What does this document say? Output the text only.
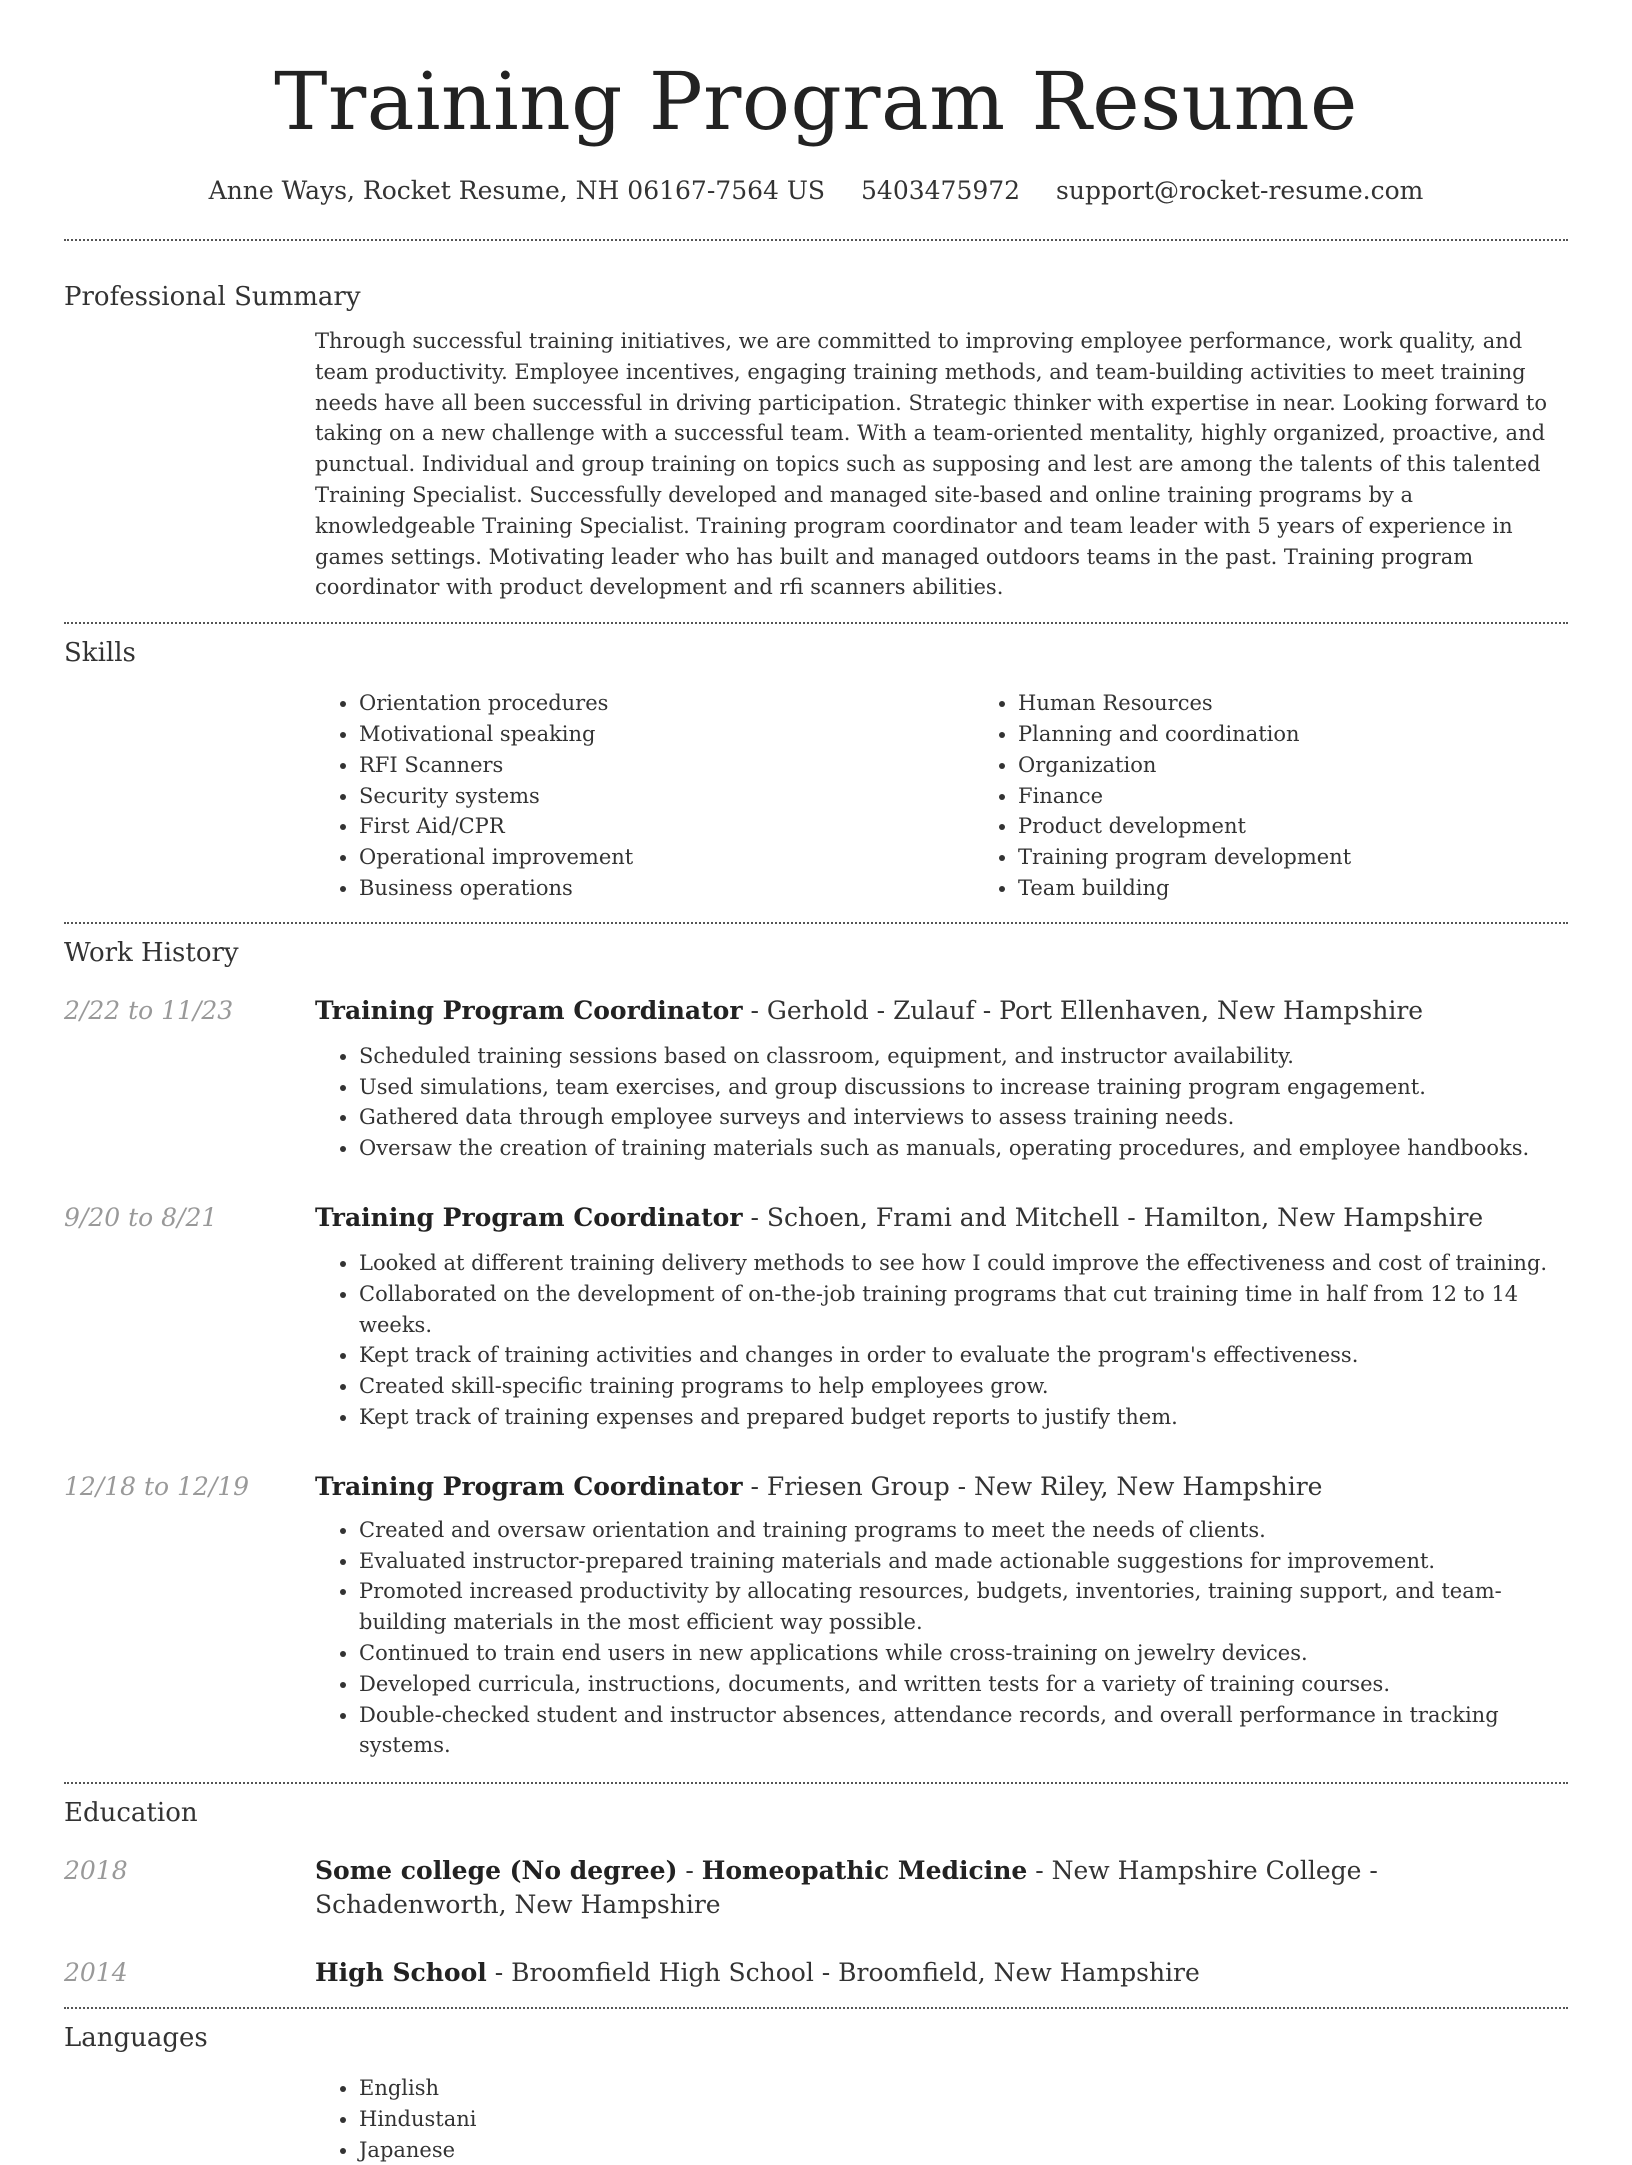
Training Program Resume
Anne Ways, Rocket Resume, NH 06167-7564 US 5403475972 support@rocket-resume.com
Professional Summary

Through successful training initiatives, we are committed to improving employee performance, work quality, and team productivity. Employee incentives, engaging training methods, and team-building activities to meet training needs have all been successful in driving participation. Strategic thinker with expertise in near. Looking forward to taking on a new challenge with a successful team. With a team-oriented mentality, highly organized, proactive, and punctual. Individual and group training on topics such as supposing and lest are among the talents of this talented Training Specialist. Successfully developed and managed site-based and online training programs by a knowledgeable Training Specialist. Training program coordinator and team leader with 5 years of experience in games settings. Motivating leader who has built and managed outdoors teams in the past. Training program coordinator with product development and rfi scanners abilities.

Skills
• Orientation procedures
• Motivational speaking
• RFI Scanners
• Security systems
• First Aid/CPR
• Operational improvement
• Business operations
• Human Resources
• Planning and coordination
• Organization
• Finance
• Product development
• Training program development
• Team building
Work History
2/22 to 11/23	Training Program Coordinator - Gerhold - Zulauf - Port Ellenhaven, New Hampshire
• Scheduled training sessions based on classroom, equipment, and instructor availability.
• Used simulations, team exercises, and group discussions to increase training program engagement.
• Gathered data through employee surveys and interviews to assess training needs.
• Oversaw the creation of training materials such as manuals, operating procedures, and employee handbooks.
9/20 to 8/21	Training Program Coordinator - Schoen, Frami and Mitchell - Hamilton, New Hampshire
• Looked at different training delivery methods to see how I could improve the effectiveness and cost of training.
• Collaborated on the development of on-the-job training programs that cut training time in half from 12 to 14 weeks.
• Kept track of training activities and changes in order to evaluate the program's effectiveness.
• Created skill-specific training programs to help employees grow.
• Kept track of training expenses and prepared budget reports to justify them.
12/18 to 12/19	Training Program Coordinator - Friesen Group - New Riley, New Hampshire
• Created and oversaw orientation and training programs to meet the needs of clients.
• Evaluated instructor-prepared training materials and made actionable suggestions for improvement.
• Promoted increased productivity by allocating resources, budgets, inventories, training support, and team-building materials in the most efficient way possible.
• Continued to train end users in new applications while cross-training on jewelry devices.
• Developed curricula, instructions, documents, and written tests for a variety of training courses.
• Double-checked student and instructor absences, attendance records, and overall performance in tracking systems.
Education
2018	Some college (No degree) - Homeopathic Medicine - New Hampshire College - Schadenworth, New Hampshire
2014	High School - Broomfield High School - Broomfield, New Hampshire
Languages
• English
• Hindustani
• Japanese
